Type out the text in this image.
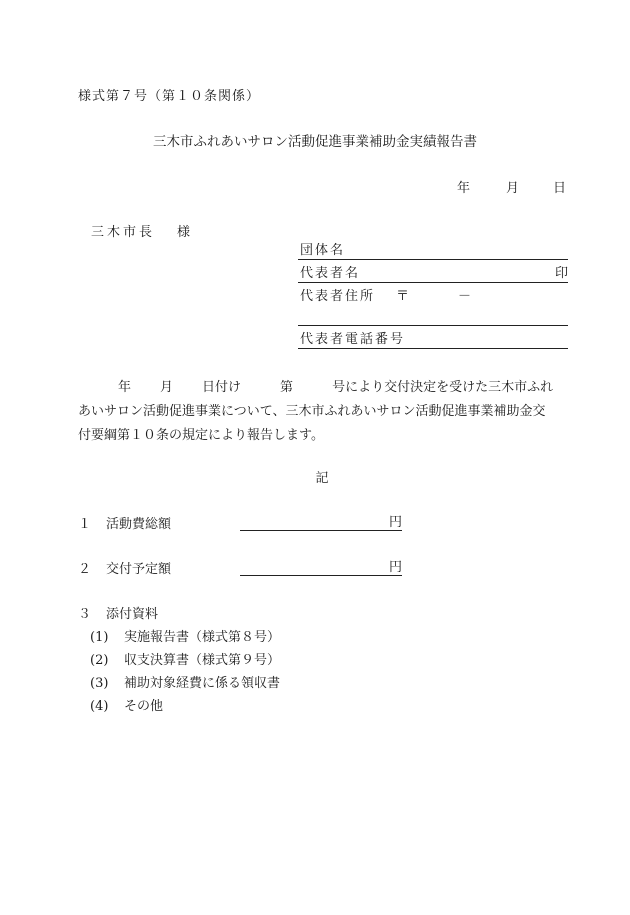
様式第７号（第１０条関係）
三木市ふれあいサロン活動促進事業補助金実績報告書
年	月	日
三木市長 様
団体名
代表者名	印
代表者住所 〒	－
代表者電話番号
年 月 日付け	第	号により交付決定を受けた三木市ふれ
あいサロン活動促進事業について、三木市ふれあいサロン活動促進事業補助金交
付要綱第１０条の規定により報告します。
記
１ 活動費総額	円
２ 交付予定額	円
３ 添付資料
(1) 実施報告書（様式第８号）
(2) 収支決算書（様式第９号）
(3) 補助対象経費に係る領収書
(4) その他
